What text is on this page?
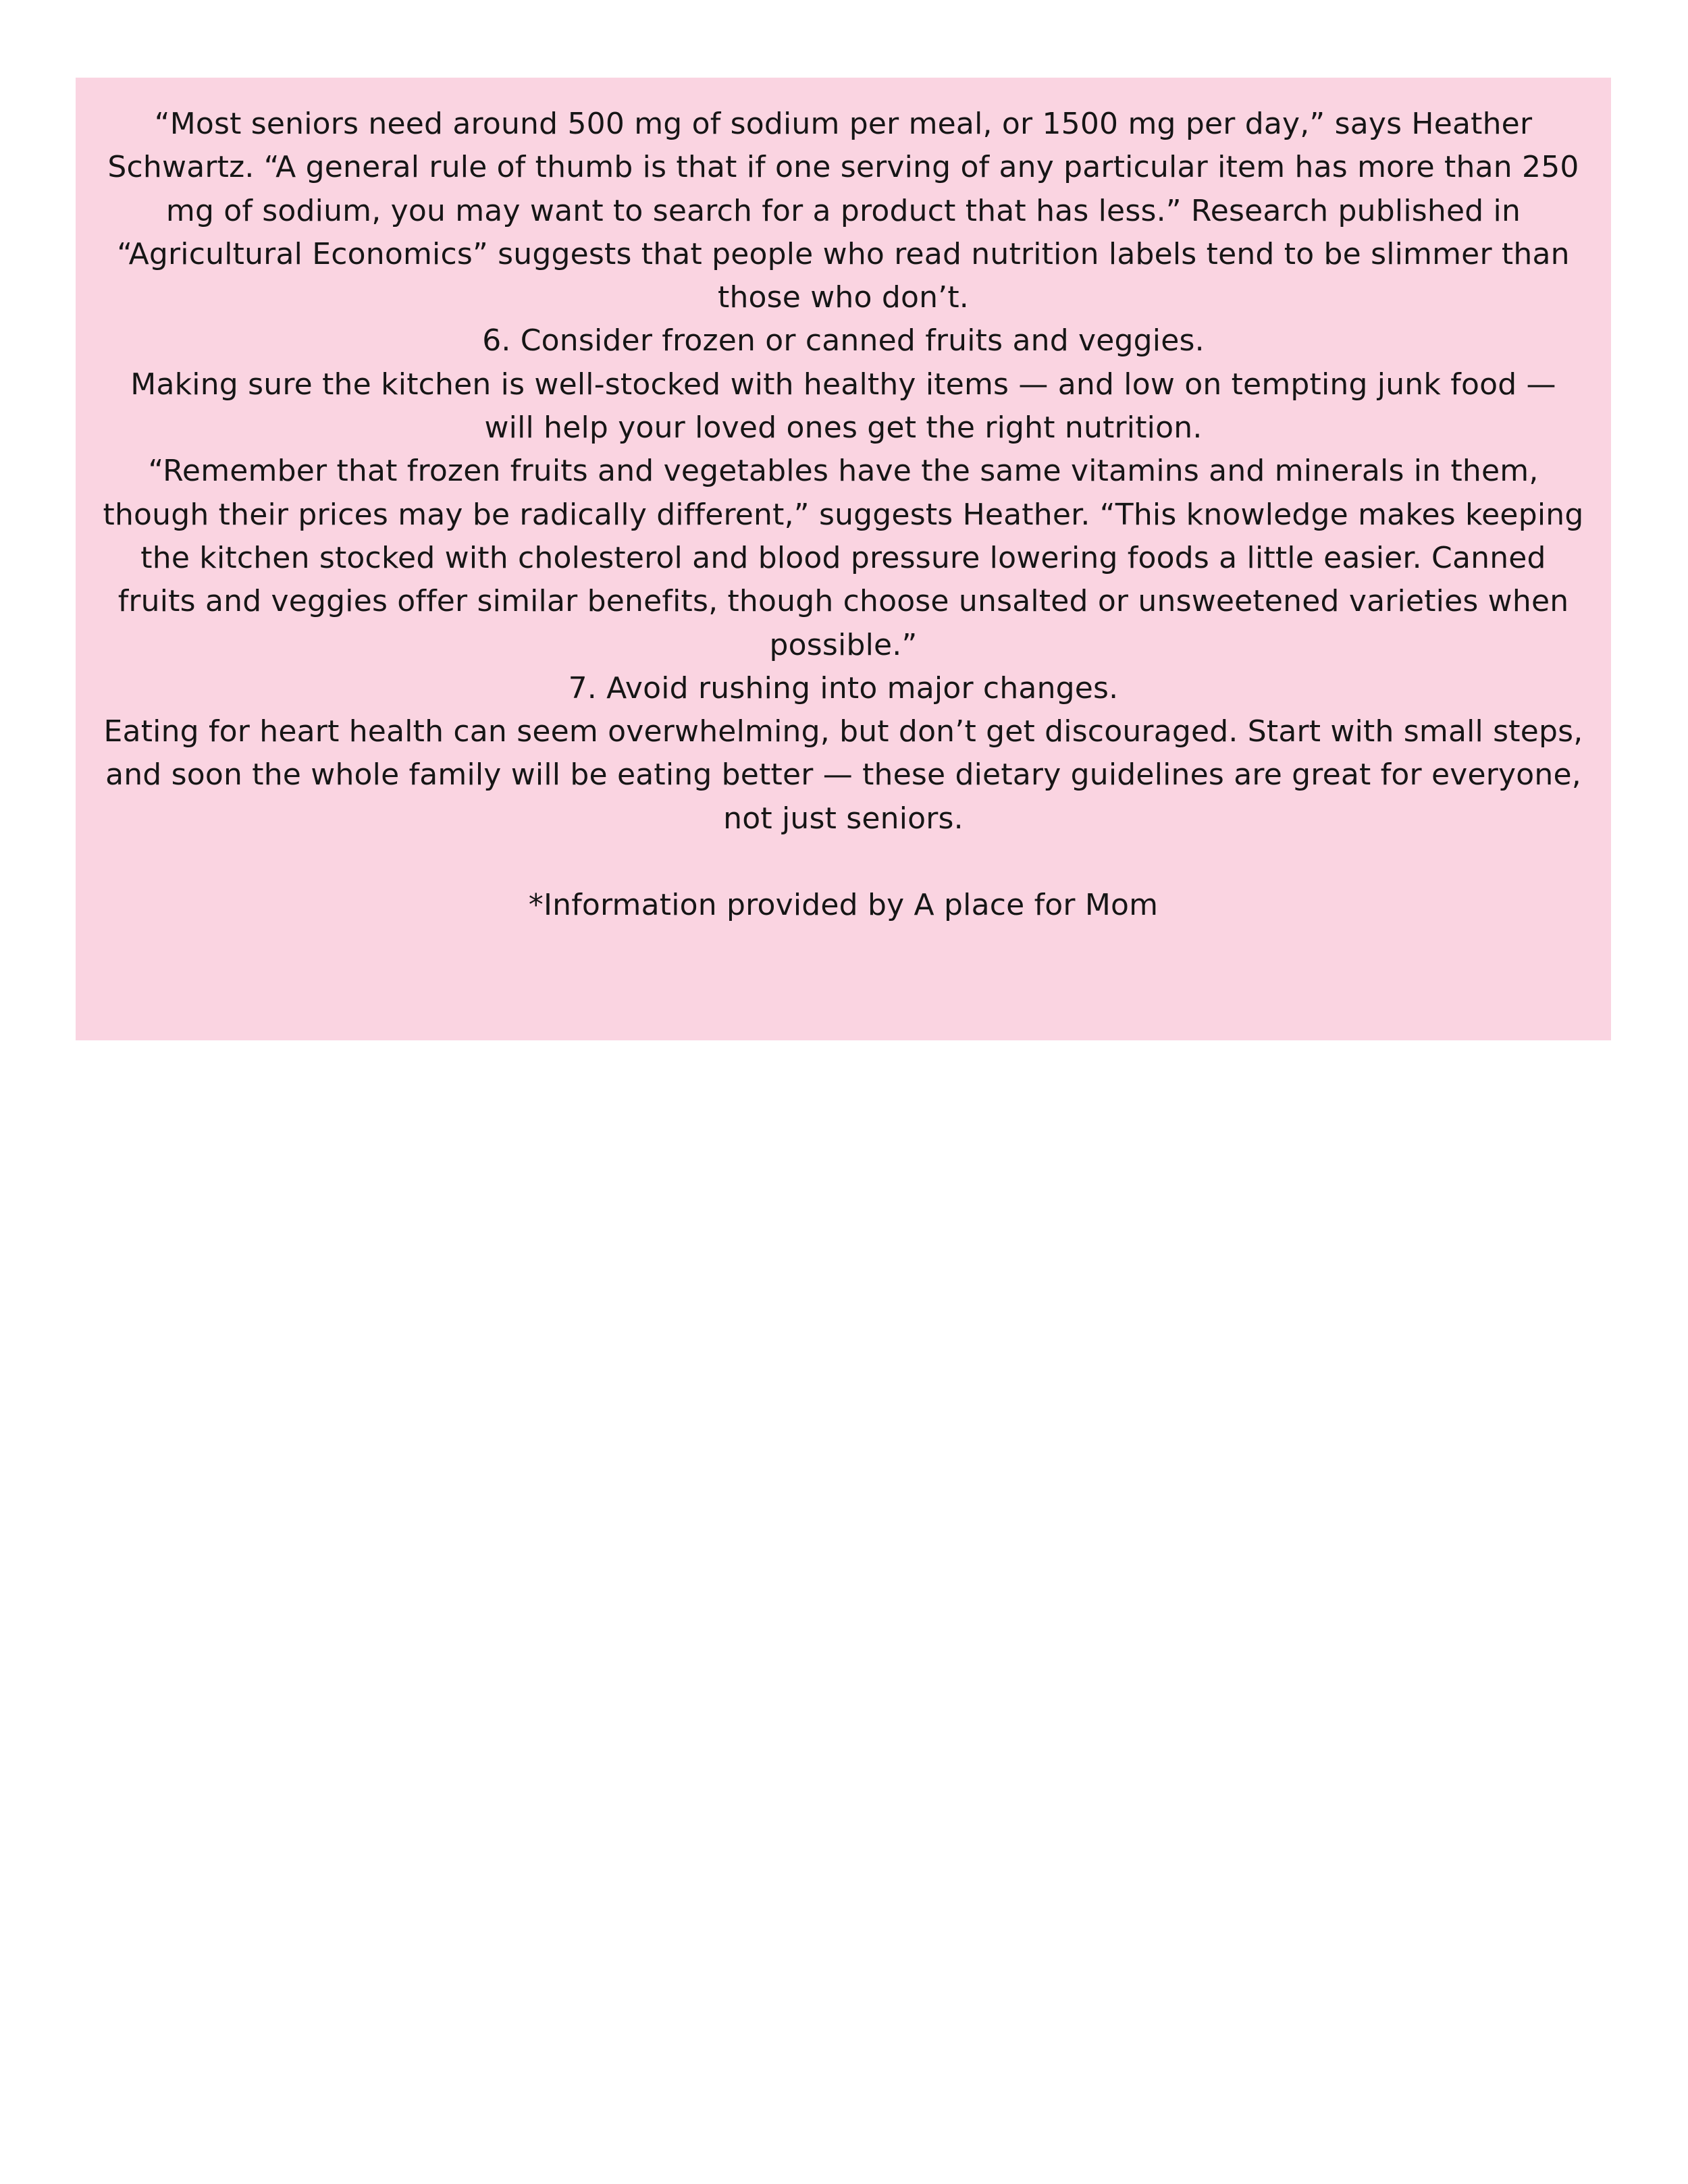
“Most seniors need around 500 mg of sodium per meal, or 1500 mg per day,” says Heather Schwartz. “A general rule of thumb is that if one serving of any particular item has more than 250 mg of sodium, you may want to search for a product that has less.” Research published in “Agricultural Economics” suggests that people who read nutrition labels tend to be slimmer than those who don’t.

6. Consider frozen or canned fruits and veggies.

Making sure the kitchen is well-stocked with healthy items — and low on tempting junk food — will help your loved ones get the right nutrition.

“Remember that frozen fruits and vegetables have the same vitamins and minerals in them, though their prices may be radically different,” suggests Heather. “This knowledge makes keeping the kitchen stocked with cholesterol and blood pressure lowering foods a little easier. Canned fruits and veggies offer similar benefits, though choose unsalted or unsweetened varieties when possible.”

7. Avoid rushing into major changes.

Eating for heart health can seem overwhelming, but don’t get discouraged. Start with small steps, and soon the whole family will be eating better — these dietary guidelines are great for everyone, not just seniors.

*Information provided by A place for Mom
